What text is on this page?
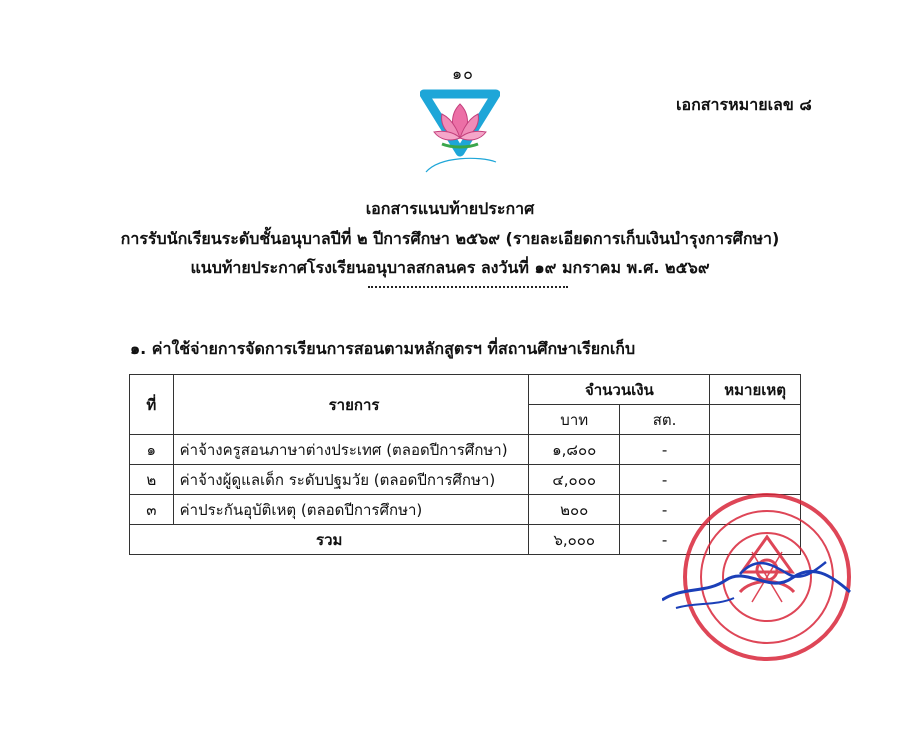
๑๐
เอกสารหมายเลข ๘
เอกสารแนบท้ายประกาศ
การรับนักเรียนระดับชั้นอนุบาลปีที่ ๒ ปีการศึกษา ๒๕๖๙ (รายละเอียดการเก็บเงินบำรุงการศึกษา)
แนบท้ายประกาศโรงเรียนอนุบาลสกลนคร ลงวันที่ ๑๙ มกราคม พ.ศ. ๒๕๖๙
๑. ค่าใช้จ่ายการจัดการเรียนการสอนตามหลักสูตรฯ ที่สถานศึกษาเรียกเก็บ
ที่	รายการ	จำนวนเงิน		หมายเหตุ
		บาท	สต.	
๑	ค่าจ้างครูสอนภาษาต่างประเทศ (ตลอดปีการศึกษา)	๑,๘๐๐	-	
๒	ค่าจ้างผู้ดูแลเด็ก ระดับปฐมวัย (ตลอดปีการศึกษา)	๔,๐๐๐	-	
๓	ค่าประกันอุบัติเหตุ (ตลอดปีการศึกษา)	๒๐๐	-	
รวม		๖,๐๐๐	-	
